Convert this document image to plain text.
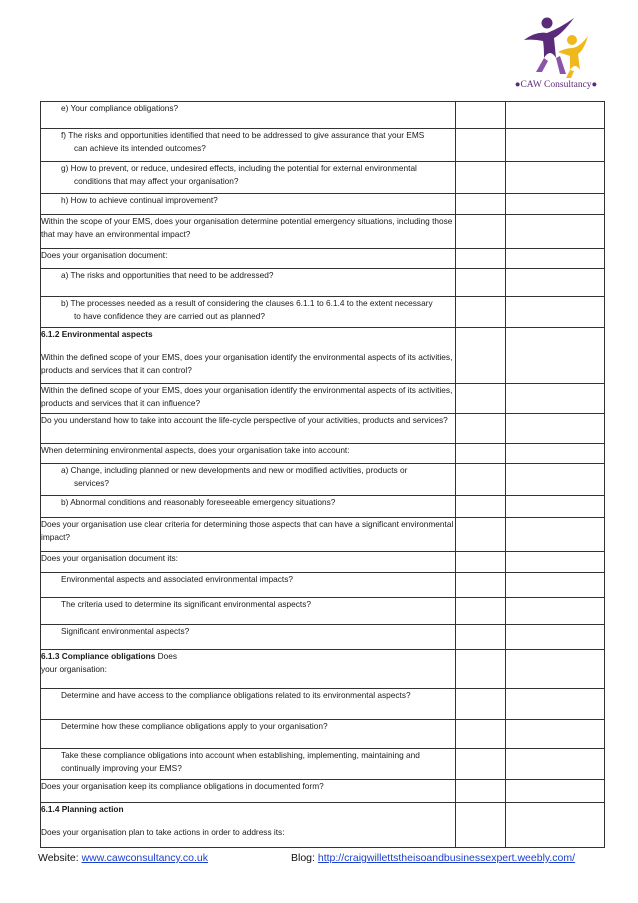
●CAW Consultancy●
e) Your compliance obligations?		
f) The risks and opportunities identified that need to be addressed to give assurance that your EMS
can achieve its intended outcomes?		

g) How to prevent, or reduce, undesired effects, including the potential for external environmental
conditions that may affect your organisation?		

h) How to achieve continual improvement?		
Within the scope of your EMS, does your organisation determine potential emergency situations, including those that may have an environmental impact?		
Does your organisation document:		
a) The risks and opportunities that need to be addressed?		
b) The processes needed as a result of considering the clauses 6.1.1 to 6.1.4 to the extent necessary
to have confidence they are carried out as planned?		

6.1.2 Environmental aspects
Within the defined scope of your EMS, does your organisation identify the environmental aspects of its activities, products and services that it can control?		
Within the defined scope of your EMS, does your organisation identify the environmental aspects of its activities, products and services that it can influence?		
Do you understand how to take into account the life-cycle perspective of your activities, products and services?		
When determining environmental aspects, does your organisation take into account:		
a) Change, including planned or new developments and new or modified activities, products or
services?		

b) Abnormal conditions and reasonably foreseeable emergency situations?		
Does your organisation use clear criteria for determining those aspects that can have a significant environmental impact?		
Does your organisation document its:		
Environmental aspects and associated environmental impacts?		
The criteria used to determine its significant environmental aspects?		
Significant environmental aspects?		
6.1.3 Compliance obligations Does
your organisation:		
Determine and have access to the compliance obligations related to its environmental aspects?		
Determine how these compliance obligations apply to your organisation?		
Take these compliance obligations into account when establishing, implementing, maintaining and continually improving your EMS?		
Does your organisation keep its compliance obligations in documented form?		

6.1.4 Planning action
Does your organisation plan to take actions in order to address its:		
Website: www.cawconsultancy.co.uk	Blog: http://craigwillettstheisoandbusinessexpert.weebly.com/
